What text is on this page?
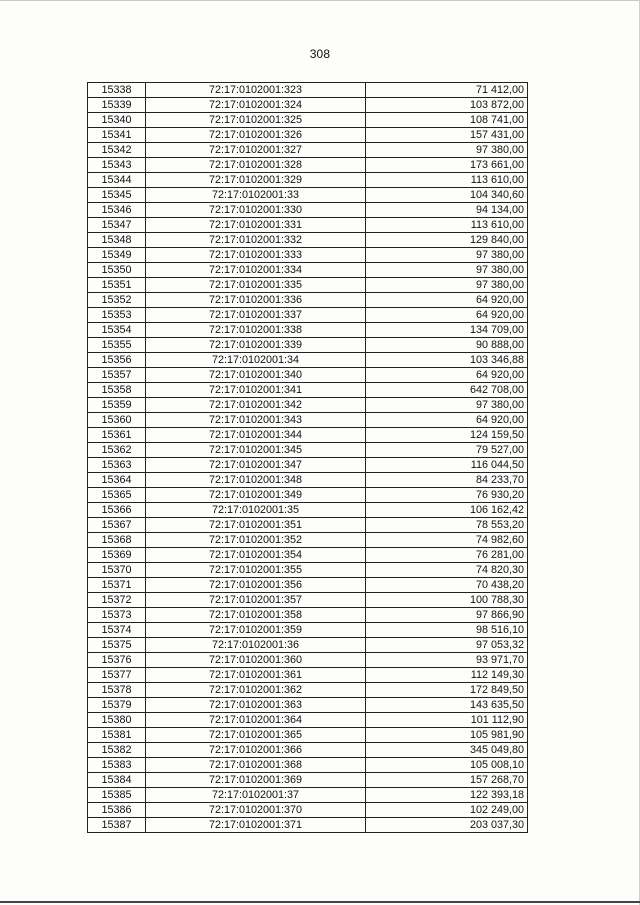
308
15338	72:17:0102001:323	71 412,00
15339	72:17:0102001:324	103 872,00
15340	72:17:0102001:325	108 741,00
15341	72:17:0102001:326	157 431,00
15342	72:17:0102001:327	97 380,00
15343	72:17:0102001:328	173 661,00
15344	72:17:0102001:329	113 610,00
15345	72:17:0102001:33	104 340,60
15346	72:17:0102001:330	94 134,00
15347	72:17:0102001:331	113 610,00
15348	72:17:0102001:332	129 840,00
15349	72:17:0102001:333	97 380,00
15350	72:17:0102001:334	97 380,00
15351	72:17:0102001:335	97 380,00
15352	72:17:0102001:336	64 920,00
15353	72:17:0102001:337	64 920,00
15354	72:17:0102001:338	134 709,00
15355	72:17:0102001:339	90 888,00
15356	72:17:0102001:34	103 346,88
15357	72:17:0102001:340	64 920,00
15358	72:17:0102001:341	642 708,00
15359	72:17:0102001:342	97 380,00
15360	72:17:0102001:343	64 920,00
15361	72:17:0102001:344	124 159,50
15362	72:17:0102001:345	79 527,00
15363	72:17:0102001:347	116 044,50
15364	72:17:0102001:348	84 233,70
15365	72:17:0102001:349	76 930,20
15366	72:17:0102001:35	106 162,42
15367	72:17:0102001:351	78 553,20
15368	72:17:0102001:352	74 982,60
15369	72:17:0102001:354	76 281,00
15370	72:17:0102001:355	74 820,30
15371	72:17:0102001:356	70 438,20
15372	72:17:0102001:357	100 788,30
15373	72:17:0102001:358	97 866,90
15374	72:17:0102001:359	98 516,10
15375	72:17:0102001:36	97 053,32
15376	72:17:0102001:360	93 971,70
15377	72:17:0102001:361	112 149,30
15378	72:17:0102001:362	172 849,50
15379	72:17:0102001:363	143 635,50
15380	72:17:0102001:364	101 112,90
15381	72:17:0102001:365	105 981,90
15382	72:17:0102001:366	345 049,80
15383	72:17:0102001:368	105 008,10
15384	72:17:0102001:369	157 268,70
15385	72:17:0102001:37	122 393,18
15386	72:17:0102001:370	102 249,00
15387	72:17:0102001:371	203 037,30
